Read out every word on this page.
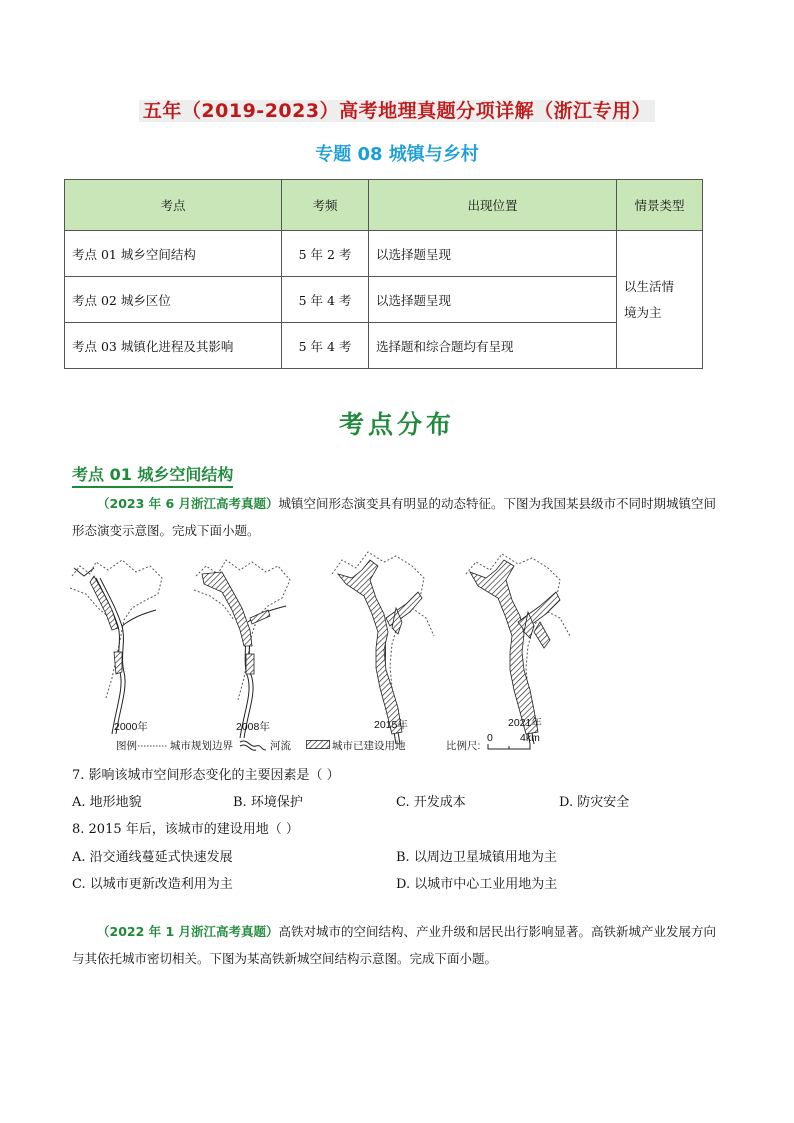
五年（2019-2023）高考地理真题分项详解（浙江专用）
专题 08 城镇与乡村
考点	考频	出现位置	情景类型
考点 01 城乡空间结构	5 年 2 考	以选择题呈现	以生活情境为主
考点 02 城乡区位	5 年 4 考	以选择题呈现	
考点 03 城镇化进程及其影响	5 年 4 考	选择题和综合题均有呈现	
考点分布
考点 01 城乡空间结构
（2023 年 6 月浙江高考真题）城镇空间形态演变具有明显的动态特征。下图为我国某县级市不同时期城镇空间形态演变示意图。完成下面小题。
2000年	2008年	2015年	2021年
图例	城市规划边界	河流	城市已建设用地	比例尺:
0	4km
7. 影响该城市空间形态变化的主要因素是（ ）
A. 地形地貌	B. 环境保护	C. 开发成本	D. 防灾安全
8. 2015 年后，该城市的建设用地（ ）
A. 沿交通线蔓延式快速发展	B. 以周边卫星城镇用地为主
C. 以城市更新改造利用为主	D. 以城市中心工业用地为主
（2022 年 1 月浙江高考真题）高铁对城市的空间结构、产业升级和居民出行影响显著。高铁新城产业发展方向与其依托城市密切相关。下图为某高铁新城空间结构示意图。完成下面小题。
